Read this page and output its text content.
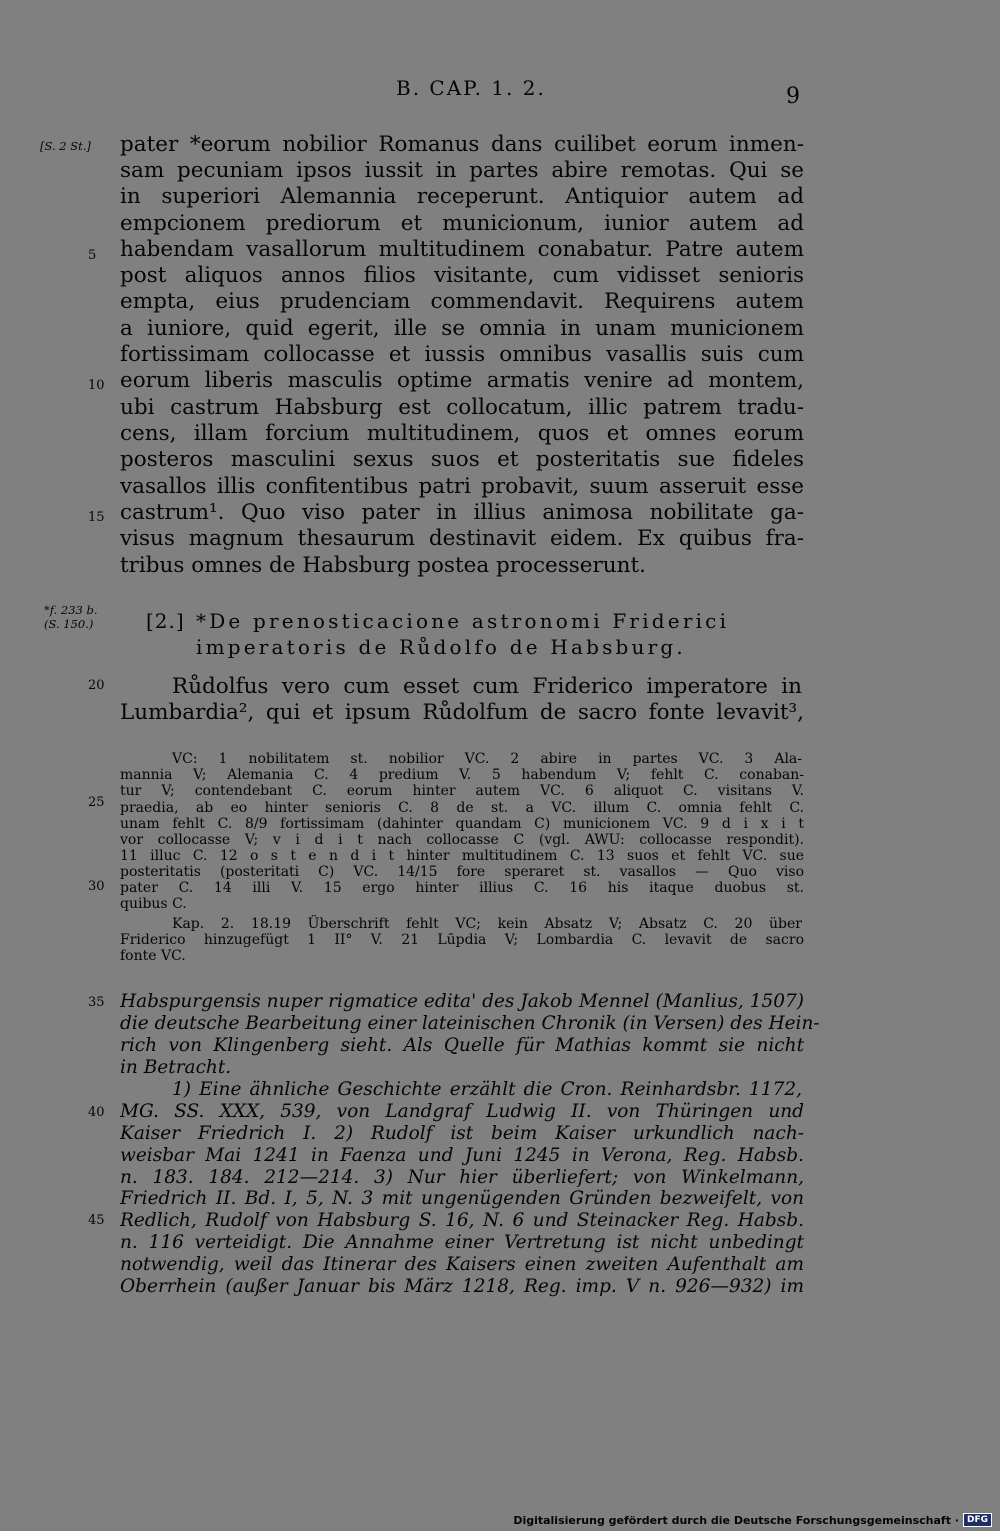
B. CAP. 1. 2.	9
[S. 2 St.]
*f. 233 b.
(S. 150.)
5
10
15
20
pater *eorum nobilior Romanus dans cuilibet eorum inmen-
sam pecuniam ipsos iussit in partes abire remotas. Qui se
in superiori Alemannia receperunt. Antiquior autem ad
empcionem prediorum et municionum, iunior autem ad
habendam vasallorum multitudinem conabatur. Patre autem
post aliquos annos filios visitante, cum vidisset senioris
empta, eius prudenciam commendavit. Requirens autem
a iuniore, quid egerit, ille se omnia in unam municionem
fortissimam collocasse et iussis omnibus vasallis suis cum
eorum liberis masculis optime armatis venire ad montem,
ubi castrum Habsburg est collocatum, illic patrem tradu-
cens, illam forcium multitudinem, quos et omnes eorum
posteros masculini sexus suos et posteritatis sue fideles
vasallos illis confitentibus patri probavit, suum asseruit esse
castrum¹. Quo viso pater in illius animosa nobilitate ga-
visus magnum thesaurum destinavit eidem. Ex quibus fra-
tribus omnes de Habsburg postea processerunt.
[2.] *De prenosticacione astronomi Friderici
imperatoris de Růdolfo de Habsburg.
Růdolfus vero cum esset cum Friderico imperatore in
Lumbardia², qui et ipsum Růdolfum de sacro fonte levavit³,
25
30
VC: 1 nobilitatem st. nobilior VC. 2 abire in partes VC. 3 Ala-
mannia V; Alemania C. 4 predium V. 5 habendum V; fehlt C. conaban-
tur V; contendebant C. eorum hinter autem VC. 6 aliquot C. visitans V.
praedia, ab eo hinter senioris C. 8 de st. a VC. illum C. omnia fehlt C.
unam fehlt C. 8/9 fortissimam (dahinter quandam C) municionem VC. 9 d i x i t
vor collocasse V; v i d i t nach collocasse C (vgl. AWU: collocasse respondit).
11 illuc C. 12 o s t e n d i t hinter multitudinem C. 13 suos et fehlt VC. sue
posteritatis (posteritati C) VC. 14/15 fore speraret st. vasallos — Quo viso
pater C. 14 illi V. 15 ergo hinter illius C. 16 his itaque duobus st.
quibus C.
Kap. 2. 18.19 Überschrift fehlt VC; kein Absatz V; Absatz C. 20 über
Friderico hinzugefügt 1 II° V. 21 Lūpdia V; Lombardia C. levavit de sacro
fonte VC.
35
40
45
Habspurgensis nuper rigmatice edita' des Jakob Mennel (Manlius, 1507)
die deutsche Bearbeitung einer lateinischen Chronik (in Versen) des Hein-
rich von Klingenberg sieht. Als Quelle für Mathias kommt sie nicht
in Betracht.
1) Eine ähnliche Geschichte erzählt die Cron. Reinhardsbr. 1172,
MG. SS. XXX, 539, von Landgraf Ludwig II. von Thüringen und
Kaiser Friedrich I. 2) Rudolf ist beim Kaiser urkundlich nach-
weisbar Mai 1241 in Faenza und Juni 1245 in Verona, Reg. Habsb.
n. 183. 184. 212—214. 3) Nur hier überliefert; von Winkelmann,
Friedrich II. Bd. I, 5, N. 3 mit ungenügenden Gründen bezweifelt, von
Redlich, Rudolf von Habsburg S. 16, N. 6 und Steinacker Reg. Habsb.
n. 116 verteidigt. Die Annahme einer Vertretung ist nicht unbedingt
notwendig, weil das Itinerar des Kaisers einen zweiten Aufenthalt am
Oberrhein (außer Januar bis März 1218, Reg. imp. V n. 926—932) im
Digitalisierung gefördert durch die Deutsche Forschungsgemeinschaft · DFG
